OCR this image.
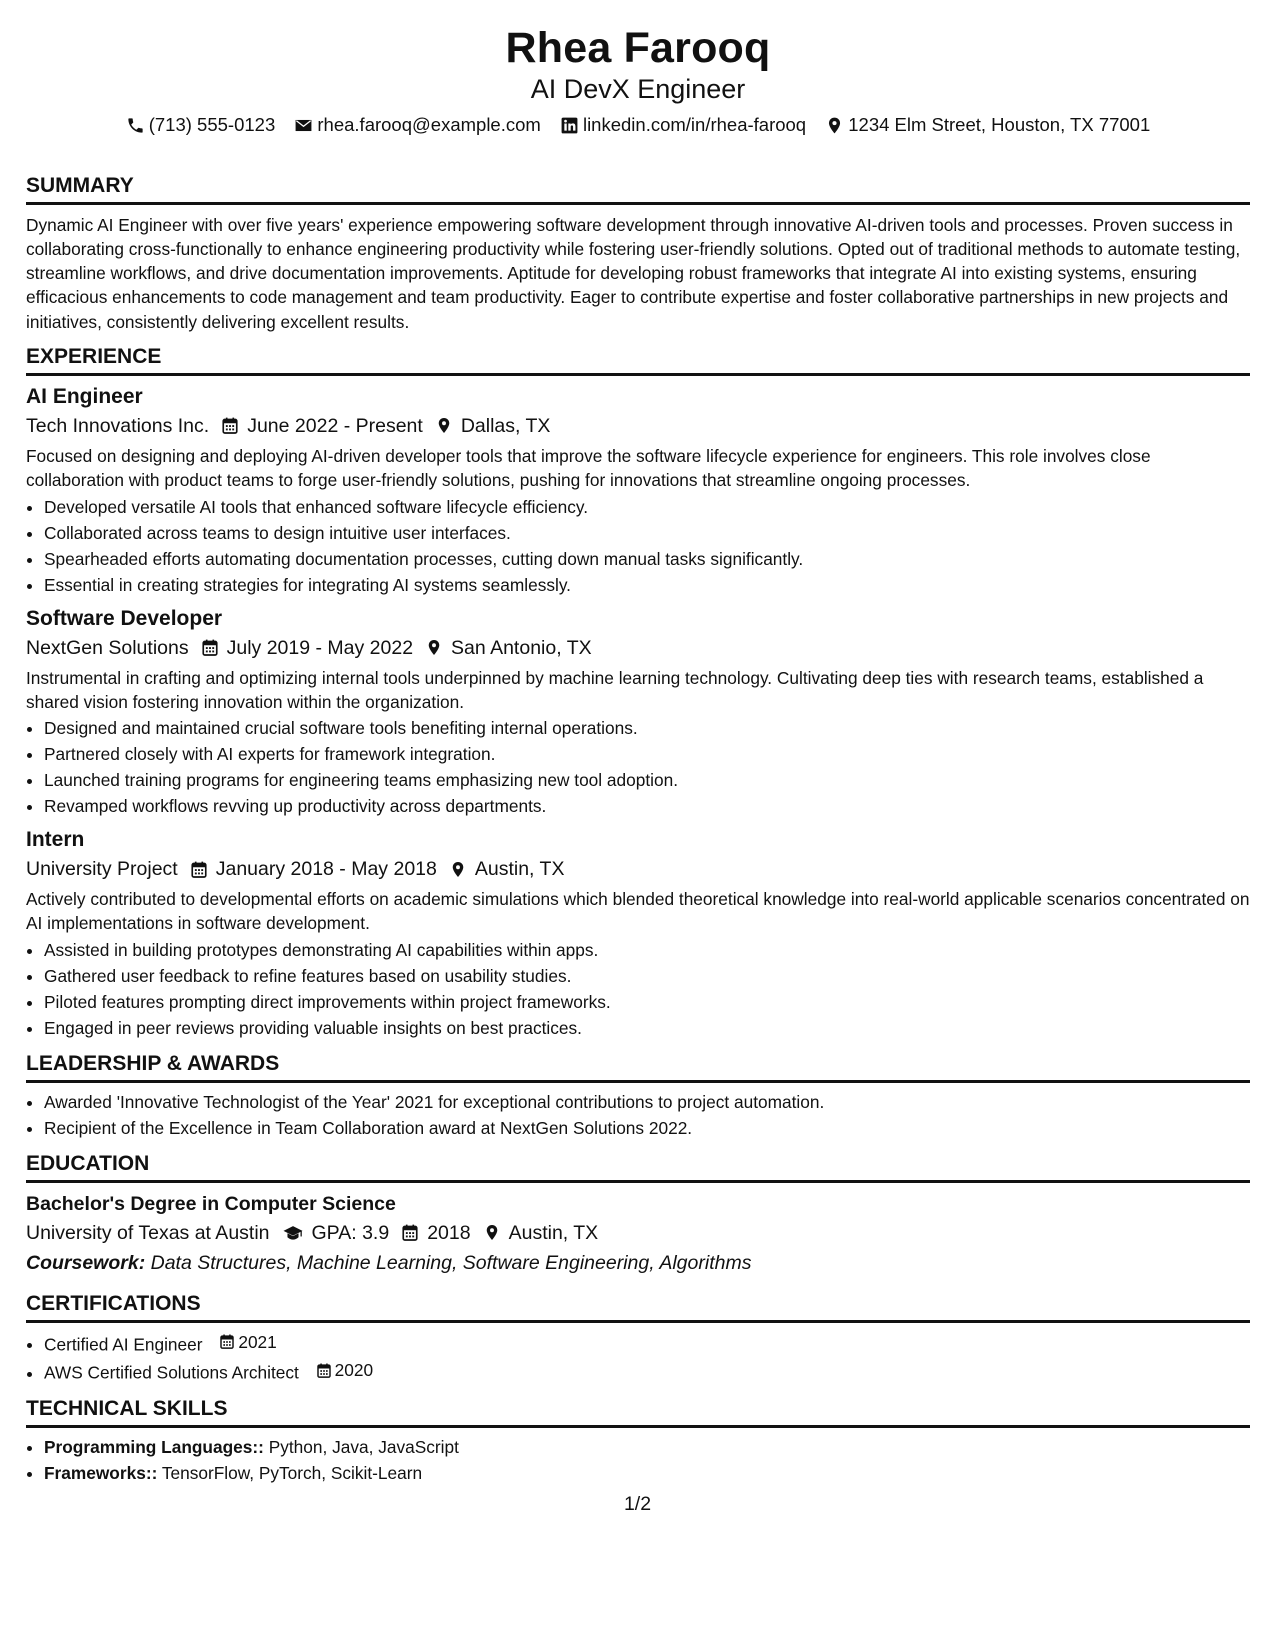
Rhea Farooq
AI DevX Engineer
(713) 555-0123
rhea.farooq@example.com
linkedin.com/in/rhea-farooq
1234 Elm Street, Houston, TX 77001
SUMMARY
Dynamic AI Engineer with over five years' experience empowering software development through innovative AI-driven tools and processes. Proven success in collaborating cross-functionally to enhance engineering productivity while fostering user-friendly solutions. Opted out of traditional methods to automate testing, streamline workflows, and drive documentation improvements. Aptitude for developing robust frameworks that integrate AI into existing systems, ensuring efficacious enhancements to code management and team productivity. Eager to contribute expertise and foster collaborative partnerships in new projects and initiatives, consistently delivering excellent results.
EXPERIENCE
AI Engineer
Tech Innovations Inc. June 2022 - Present Dallas, TX
Focused on designing and deploying AI-driven developer tools that improve the software lifecycle experience for engineers. This role involves close collaboration with product teams to forge user-friendly solutions, pushing for innovations that streamline ongoing processes.
• Developed versatile AI tools that enhanced software lifecycle efficiency.
• Collaborated across teams to design intuitive user interfaces.
• Spearheaded efforts automating documentation processes, cutting down manual tasks significantly.
• Essential in creating strategies for integrating AI systems seamlessly.
Software Developer
NextGen Solutions July 2019 - May 2022 San Antonio, TX
Instrumental in crafting and optimizing internal tools underpinned by machine learning technology. Cultivating deep ties with research teams, established a shared vision fostering innovation within the organization.
• Designed and maintained crucial software tools benefiting internal operations.
• Partnered closely with AI experts for framework integration.
• Launched training programs for engineering teams emphasizing new tool adoption.
• Revamped workflows revving up productivity across departments.
Intern
University Project January 2018 - May 2018 Austin, TX
Actively contributed to developmental efforts on academic simulations which blended theoretical knowledge into real-world applicable scenarios concentrated on AI implementations in software development.
• Assisted in building prototypes demonstrating AI capabilities within apps.
• Gathered user feedback to refine features based on usability studies.
• Piloted features prompting direct improvements within project frameworks.
• Engaged in peer reviews providing valuable insights on best practices.
LEADERSHIP & AWARDS
• Awarded 'Innovative Technologist of the Year' 2021 for exceptional contributions to project automation.
• Recipient of the Excellence in Team Collaboration award at NextGen Solutions 2022.
EDUCATION
Bachelor's Degree in Computer Science
University of Texas at Austin GPA: 3.9 2018 Austin, TX
Coursework: Data Structures, Machine Learning, Software Engineering, Algorithms
CERTIFICATIONS
• Certified AI Engineer 2021
• AWS Certified Solutions Architect 2020
TECHNICAL SKILLS
• Programming Languages:: Python, Java, JavaScript
• Frameworks:: TensorFlow, PyTorch, Scikit-Learn
1/2
